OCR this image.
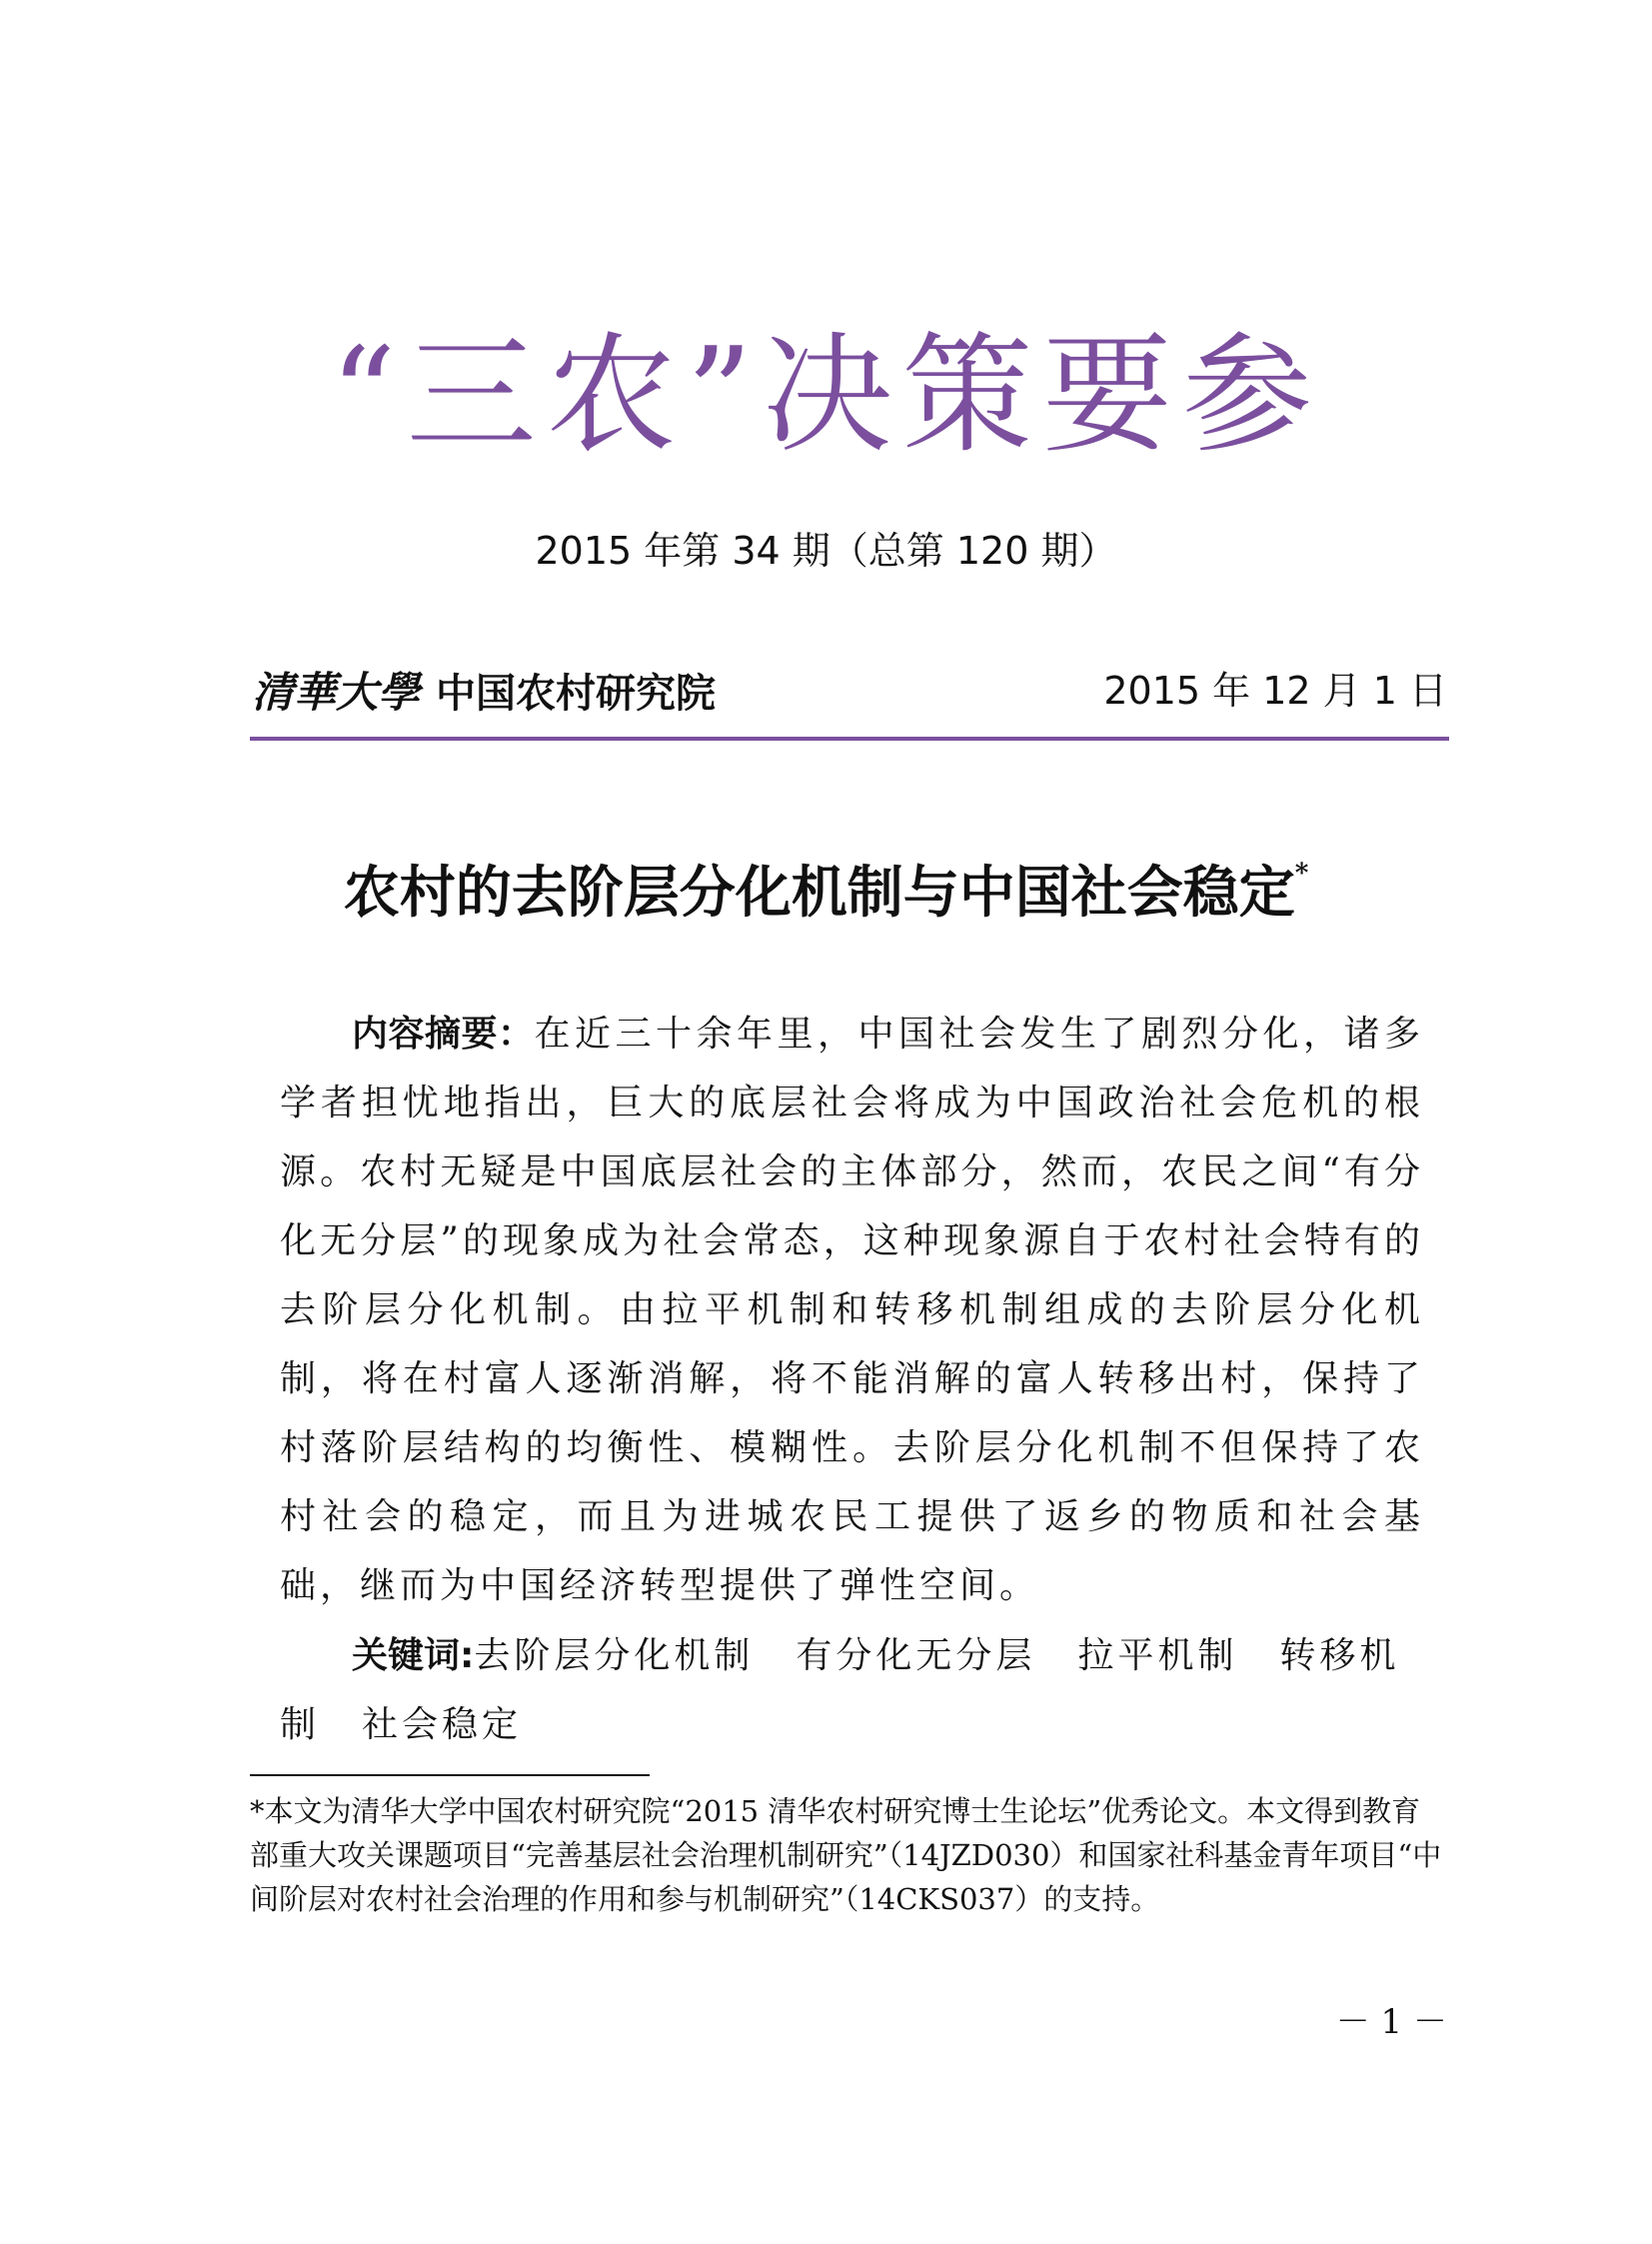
“三农”决策要参
2015 年第 34 期（总第 120 期）
清華大學 中国农村研究院	2015 年 12 月 1 日
农村的去阶层分化机制与中国社会稳定*

内容摘要：在近三十余年里，中国社会发生了剧烈分化，诸多学者担忧地指出，巨大的底层社会将成为中国政治社会危机的根源。农村无疑是中国底层社会的主体部分，然而，农民之间“有分化无分层”的现象成为社会常态，这种现象源自于农村社会特有的去阶层分化机制。由拉平机制和转移机制组成的去阶层分化机制，将在村富人逐渐消解，将不能消解的富人转移出村，保持了村落阶层结构的均衡性、模糊性。去阶层分化机制不但保持了农村社会的稳定，而且为进城农民工提供了返乡的物质和社会基础，继而为中国经济转型提供了弹性空间。

关键词:去阶层分化机制 有分化无分层 拉平机制 转移机制 社会稳定

*本文为清华大学中国农村研究院“2015 清华农村研究博士生论坛”优秀论文。本文得到教育部重大攻关课题项目“完善基层社会治理机制研究”（14JZD030）和国家社科基金青年项目“中间阶层对农村社会治理的作用和参与机制研究”（14CKS037）的支持。

－ 1 －
